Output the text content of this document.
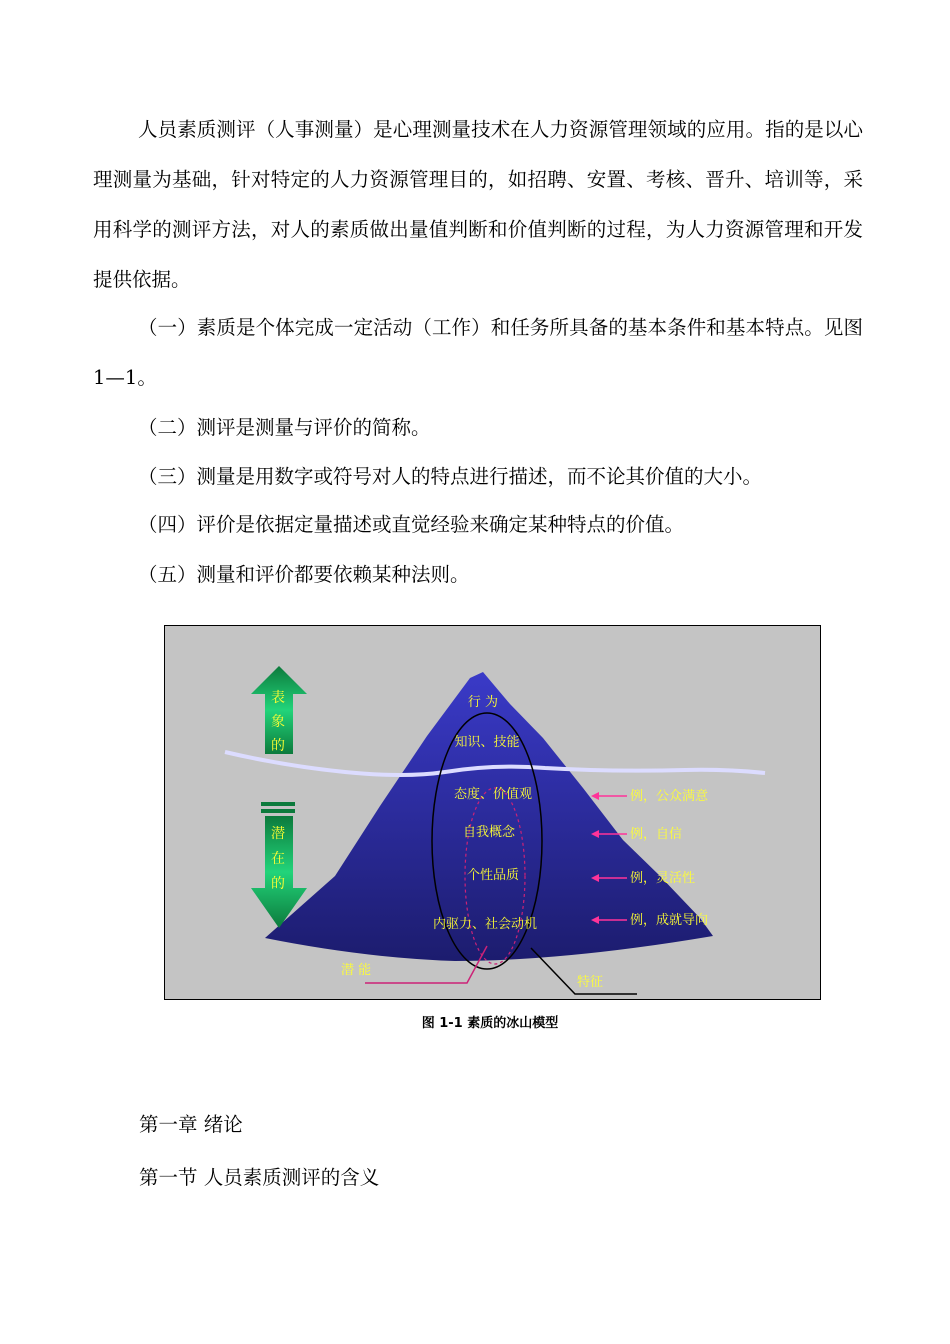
人员素质测评（人事测量）是心理测量技术在人力资源管理领域的应用。指的是以心理测量为基础，针对特定的人力资源管理目的，如招聘、安置、考核、晋升、培训等，采用科学的测评方法，对人的素质做出量值判断和价值判断的过程，为人力资源管理和开发提供依据。

（一）素质是个体完成一定活动（工作）和任务所具备的基本条件和基本特点。见图1—1。

（二）测评是测量与评价的简称。

（三）测量是用数字或符号对人的特点进行描述，而不论其价值的大小。

（四）评价是依据定量描述或直觉经验来确定某种特点的价值。

（五）测量和评价都要依赖某种法则。

表
象
的
潜
在
的
行 为
知识、技能
态度、价值观
自我概念
个性品质
内驱力、社会动机
例，公众满意
例，自信
例，灵活性
例，成就导向
潜 能
特征
图 1-1 素质的冰山模型

第一章 绪论

第一节 人员素质测评的含义
